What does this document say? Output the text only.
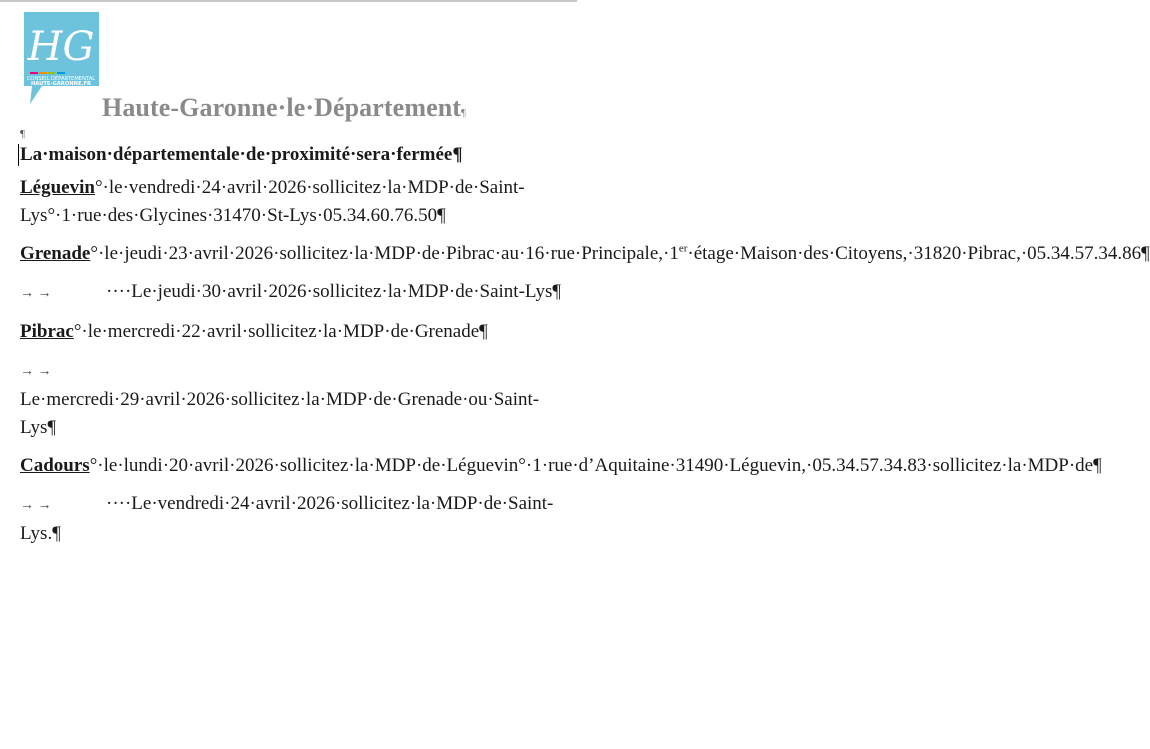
HG
CONSEIL DÉPARTEMENTAL
HAUTE-GARONNE.FR
Haute-Garonne·le·Département¶
¶
La·maison·départementale·de·proximité·sera·fermée¶

Léguevin°·le·vendredi·24·avril·2026·sollicitez·la·MDP·de·Saint-Lys°·1·rue·des·Glycines·31470·St-Lys·05.34.60.76.50¶

Grenade°·le·jeudi·23·avril·2026·sollicitez·la·MDP·de·Pibrac·au·16·rue·Principale,·1er·étage·Maison·des·Citoyens,·31820·Pibrac,·05.34.57.34.86¶

→ →	····Le·jeudi·30·avril·2026·sollicitez·la·MDP·de·Saint-Lys¶

Pibrac°·le·mercredi·22·avril·sollicitez·la·MDP·de·Grenade¶

→ →Le·mercredi·29·avril·2026·sollicitez·la·MDP·de·Grenade·ou·Saint-Lys¶

Cadours°·le·lundi·20·avril·2026·sollicitez·la·MDP·de·Léguevin°·1·rue·d’Aquitaine·31490·Léguevin,·05.34.57.34.83·sollicitez·la·MDP·de¶

→ →	····Le·vendredi·24·avril·2026·sollicitez·la·MDP·de·Saint-Lys.¶
